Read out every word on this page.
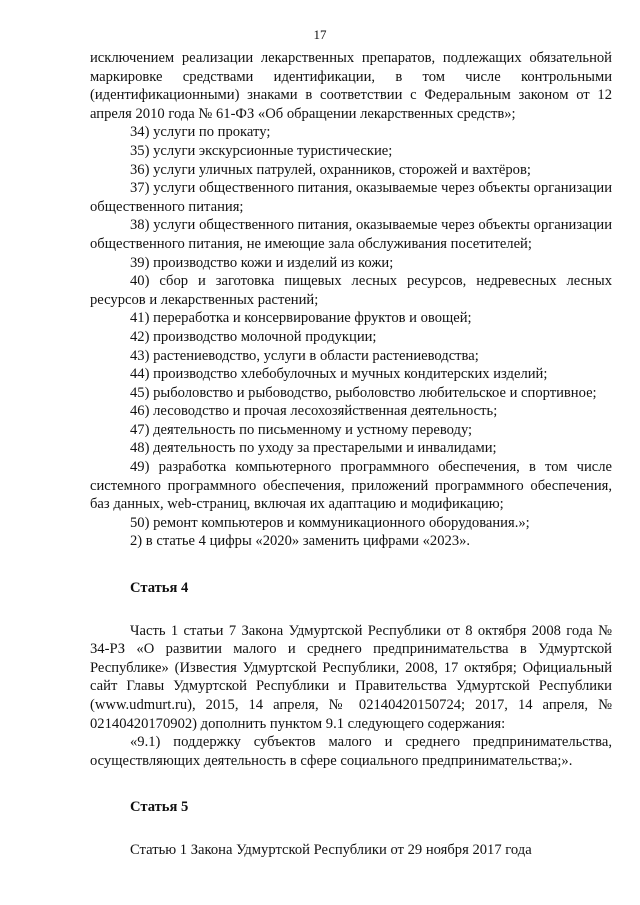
17

исключением реализации лекарственных препаратов, подлежащих обязательной маркировке средствами идентификации, в том числе контрольными (идентификационными) знаками в соответствии с Федеральным законом от 12 апреля 2010 года № 61-ФЗ «Об обращении лекарственных средств»;

34) услуги по прокату;

35) услуги экскурсионные туристические;

36) услуги уличных патрулей, охранников, сторожей и вахтёров;

37) услуги общественного питания, оказываемые через объекты организации общественного питания;

38) услуги общественного питания, оказываемые через объекты организации общественного питания, не имеющие зала обслуживания посетителей;

39) производство кожи и изделий из кожи;

40) сбор и заготовка пищевых лесных ресурсов, недревесных лесных ресурсов и лекарственных растений;

41) переработка и консервирование фруктов и овощей;

42) производство молочной продукции;

43) растениеводство, услуги в области растениеводства;

44) производство хлебобулочных и мучных кондитерских изделий;

45) рыболовство и рыбоводство, рыболовство любительское и спортивное;

46) лесоводство и прочая лесохозяйственная деятельность;

47) деятельность по письменному и устному переводу;

48) деятельность по уходу за престарелыми и инвалидами;

49) разработка компьютерного программного обеспечения, в том числе системного программного обеспечения, приложений программного обеспечения, баз данных, web-страниц, включая их адаптацию и модификацию;

50) ремонт компьютеров и коммуникационного оборудования.»;

2) в статье 4 цифры «2020» заменить цифрами «2023».

Статья 4

Часть 1 статьи 7 Закона Удмуртской Республики от 8 октября 2008 года № 34-РЗ «О развитии малого и среднего предпринимательства в Удмуртской Республике» (Известия Удмуртской Республики, 2008, 17 октября; Официальный сайт Главы Удмуртской Республики и Правительства Удмуртской Республики (www.udmurt.ru), 2015, 14 апреля, № 02140420150724; 2017, 14 апреля, № 02140420170902) дополнить пунктом 9.1 следующего содержания:

«9.1) поддержку субъектов малого и среднего предпринимательства, осуществляющих деятельность в сфере социального предпринимательства;».

Статья 5

Статью 1 Закона Удмуртской Республики от 29 ноября 2017 года
